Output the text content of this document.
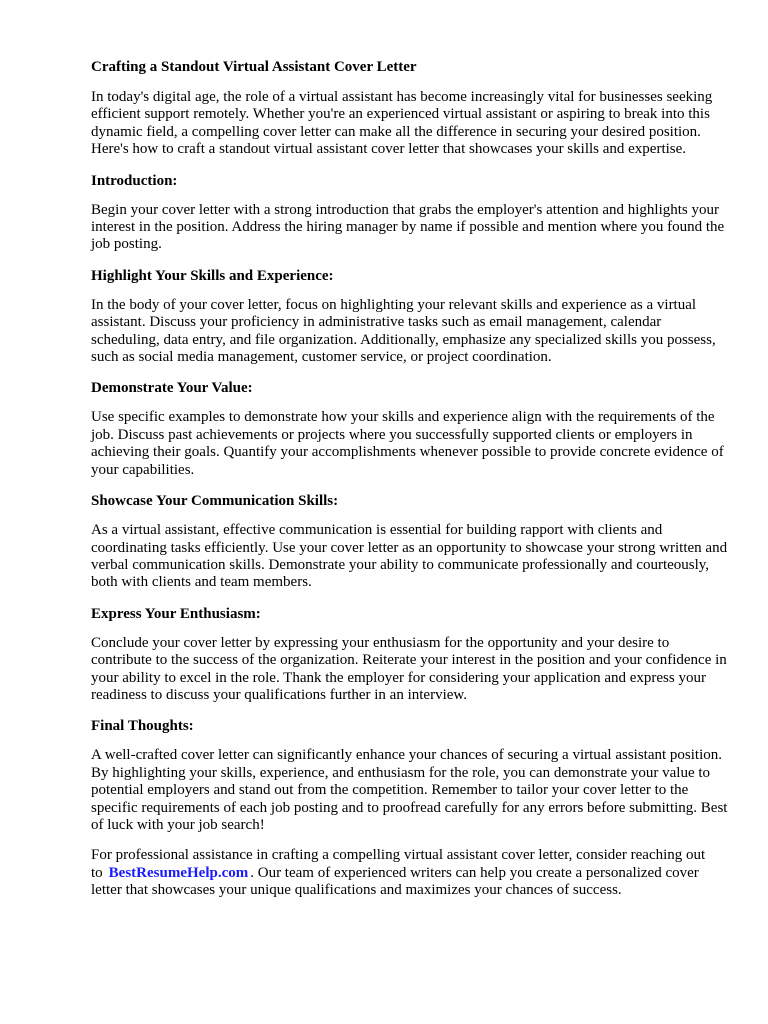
Crafting a Standout Virtual Assistant Cover Letter

In today's digital age, the role of a virtual assistant has become increasingly vital for businesses seeking efficient support remotely. Whether you're an experienced virtual assistant or aspiring to break into this dynamic field, a compelling cover letter can make all the difference in securing your desired position. Here's how to craft a standout virtual assistant cover letter that showcases your skills and expertise.

Introduction:

Begin your cover letter with a strong introduction that grabs the employer's attention and highlights your interest in the position. Address the hiring manager by name if possible and mention where you found the job posting.

Highlight Your Skills and Experience:

In the body of your cover letter, focus on highlighting your relevant skills and experience as a virtual assistant. Discuss your proficiency in administrative tasks such as email management, calendar scheduling, data entry, and file organization. Additionally, emphasize any specialized skills you possess, such as social media management, customer service, or project coordination.

Demonstrate Your Value:

Use specific examples to demonstrate how your skills and experience align with the requirements of the job. Discuss past achievements or projects where you successfully supported clients or employers in achieving their goals. Quantify your accomplishments whenever possible to provide concrete evidence of your capabilities.

Showcase Your Communication Skills:

As a virtual assistant, effective communication is essential for building rapport with clients and coordinating tasks efficiently. Use your cover letter as an opportunity to showcase your strong written and verbal communication skills. Demonstrate your ability to communicate professionally and courteously, both with clients and team members.

Express Your Enthusiasm:

Conclude your cover letter by expressing your enthusiasm for the opportunity and your desire to contribute to the success of the organization. Reiterate your interest in the position and your confidence in your ability to excel in the role. Thank the employer for considering your application and express your readiness to discuss your qualifications further in an interview.

Final Thoughts:

A well-crafted cover letter can significantly enhance your chances of securing a virtual assistant position. By highlighting your skills, experience, and enthusiasm for the role, you can demonstrate your value to potential employers and stand out from the competition. Remember to tailor your cover letter to the specific requirements of each job posting and to proofread carefully for any errors before submitting. Best of luck with your job search!

For professional assistance in crafting a compelling virtual assistant cover letter, consider reaching out to BestResumeHelp.com . Our team of experienced writers can help you create a personalized cover letter that showcases your unique qualifications and maximizes your chances of success.
